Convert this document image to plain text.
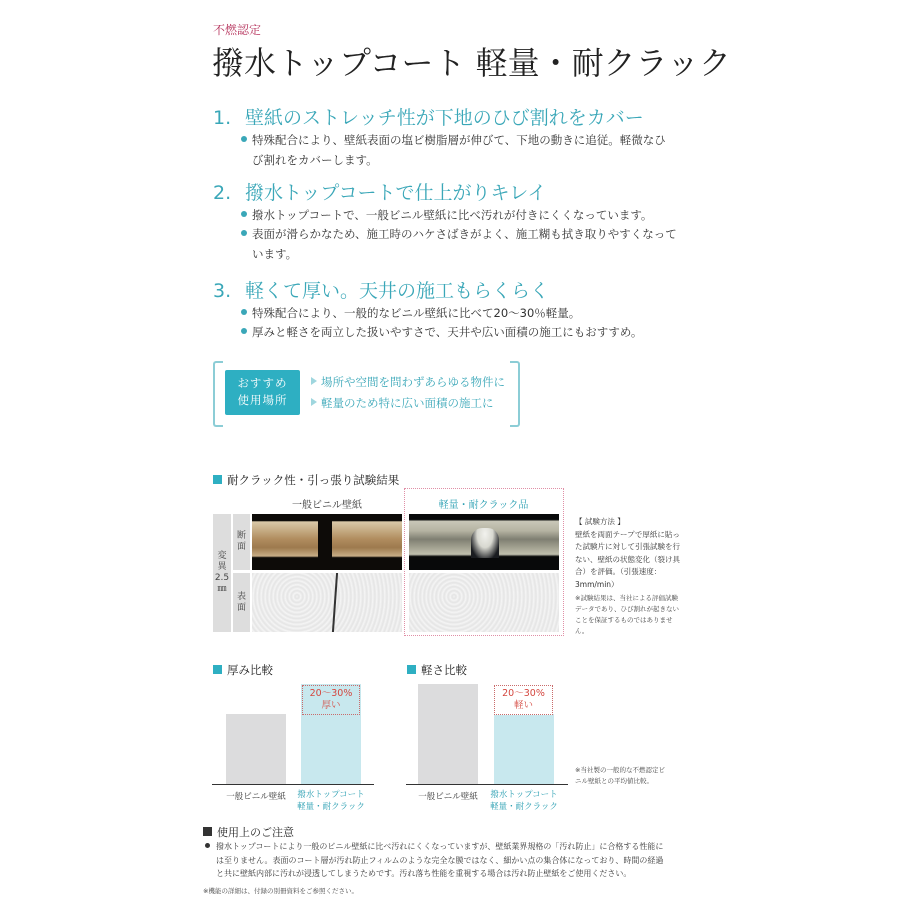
不燃認定
撥水トップコート 軽量・耐クラック
1. 壁紙のストレッチ性が下地のひび割れをカバー
特殊配合により、壁紙表面の塩ビ樹脂層が伸びて、下地の動きに追従。軽微なひ
び割れをカバーします。
2. 撥水トップコートで仕上がりキレイ
撥水トップコートで、一般ビニル壁紙に比べ汚れが付きにくくなっています。
表面が滑らかなため、施工時のハケさばきがよく、施工糊も拭き取りやすくなって
います。
3. 軽くて厚い。天井の施工もらくらく
特殊配合により、一般的なビニル壁紙に比べて20～30％軽量。
厚みと軽さを両立した扱いやすさで、天井や広い面積の施工にもおすすめ。
おすすめ
使用場所
場所や空間を問わずあらゆる物件に
軽量のため特に広い面積の施工に
耐クラック性・引っ張り試験結果
一般ビニル壁紙	軽量・耐クラック品
変
異
2.5
㎜
断
面
表
面
【 試験方法 】
壁紙を両面テープで厚紙に貼った試験片に対して引張試験を行ない、壁紙の状態変化（裂け具合）を評価。（引張速度：3mm/min）
※試験結果は、当社による評価試験データであり、ひび割れが起きないことを保証するものではありません。
厚み比較
20～30%
厚い
一般ビニル壁紙	撥水トップコート
軽量・耐クラック
軽さ比較
20～30%
軽い
一般ビニル壁紙	撥水トップコート
軽量・耐クラック
※当社製の一般的な不燃認定ビ
ニル壁紙との平均値比較。
使用上のご注意
撥水トップコートにより一般のビニル壁紙に比べ汚れにくくなっていますが、壁紙業界規格の「汚れ防止」に合格する性能に
は至りません。表面のコート層が汚れ防止フィルムのような完全な膜ではなく、細かい点の集合体になっており、時間の経過
と共に壁紙内部に汚れが浸透してしまうためです。汚れ落ち性能を重視する場合は汚れ防止壁紙をご使用ください。
※機能の詳細は、付録の別冊資料をご参照ください。
